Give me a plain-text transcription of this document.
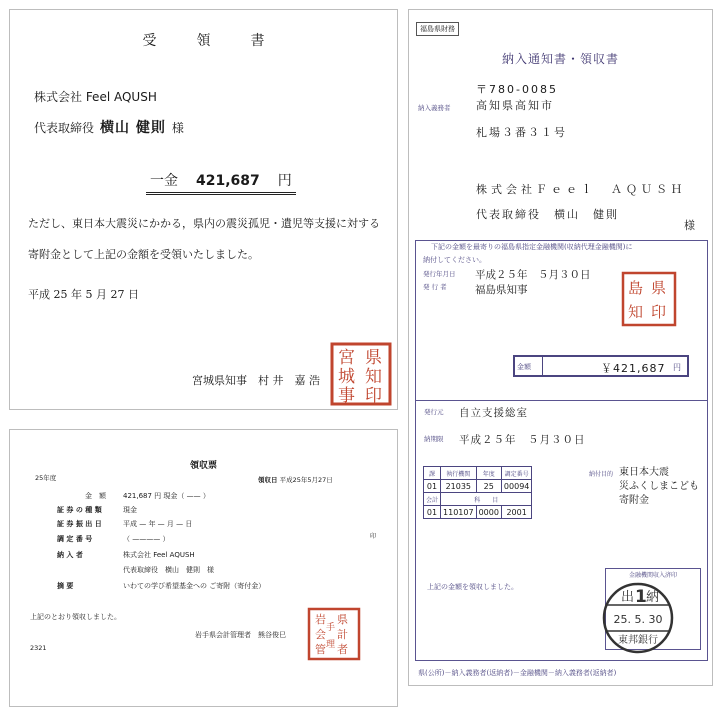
受領書
株式会社 Feel AQUSH
代表取締役 横山 健則 様
一金 421,687 円
ただし、東日本大震災にかかる，県内の震災孤児・遺児等支援に対する
寄附金として上記の金額を受領いたしました。
平成 25 年 5 月 27 日
宮城県知事　村 井　嘉 浩
県
知
印
宮
城
事
領収票
25年度	領収日 平成25年5月27日
金　額 421,687 円 現金（ —— ）
証 券 の 種 類	現金
証 券 振 出 日	平成 — 年 — 月 — 日
調 定 番 号	（ ———— ）
納 入 者	株式会社 Feel AQUSH
代表取締役　横山　健則　様
摘 要	いわての学び希望基金への ご寄附（寄付金）
印
上記のとおり領収しました。
岩手県会計管理者　熊谷俊巳
2321
県
計
者
岩
会
管
手
理
福島県財務
納入通知書・領収書
納入義務者
〒780-0085
高知県高知市
札場３番３１号
株式会社Ｆｅｅｌ　ＡＱＵＳＨ
代表取締役　横山　健則
様
下記の金額を最寄りの福島県指定金融機関(収納代理金融機関)に
納付してください。
発行年月日
発 行 者
平成２５年　５月３０日
福島県知事	県
印
島
知
金額	￥421,687 円
発行元
納期限
自立支援総室
平成２５年　５月３０日
課	執行機関	年度	調定番号
01	21035	25	00094
会計	科　　目		
01	110107	0000	2001
納付目的 東日本大震
災ふくしまこども
寄附金
上記の金額を領収しました。
金融機関収入済印
出 1 納
25. 5. 30
東邦銀行
県(公所)－納入義務者(返納者)－金融機関－納入義務者(返納者)
